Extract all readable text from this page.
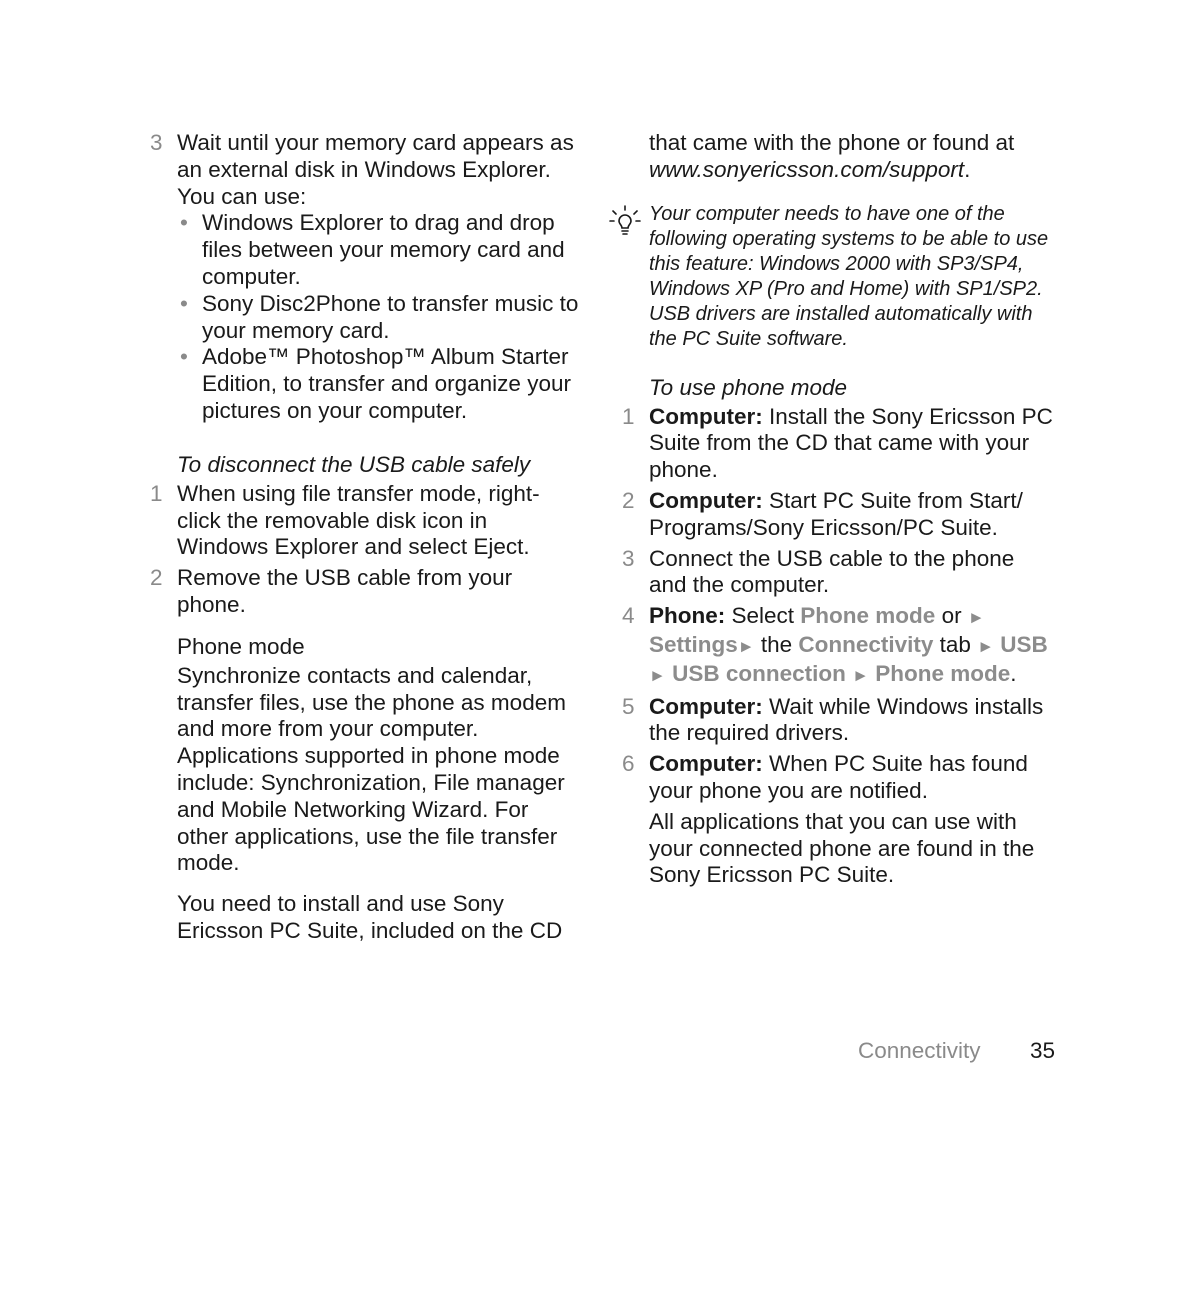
3 Wait until your memory card appears as an external disk in Windows Explorer. You can use:
• Windows Explorer to drag and drop files between your memory card and computer.
• Sony Disc2Phone to transfer music to your memory card.
• Adobe™ Photoshop™ Album Starter Edition, to transfer and organize your pictures on your computer.
To disconnect the USB cable safely
1 When using file transfer mode, right-click the removable disk icon in Windows Explorer and select Eject.
2 Remove the USB cable from your phone.
Phone mode
Synchronize contacts and calendar, transfer files, use the phone as modem and more from your computer. Applications supported in phone mode include: Synchronization, File manager and Mobile Networking Wizard. For other applications, use the file transfer mode.
You need to install and use Sony Ericsson PC Suite, included on the CD
that came with the phone or found at
www.sonyericsson.com/support.

Your computer needs to have one of the following operating systems to be able to use this feature: Windows 2000 with SP3/SP4, Windows XP (Pro and Home) with SP1/SP2.

USB drivers are installed automatically with the PC Suite software.

To use phone mode
1 Computer: Install the Sony Ericsson PC Suite from the CD that came with your phone.
2 Computer: Start PC Suite from Start/ Programs/Sony Ericsson/PC Suite.
3 Connect the USB cable to the phone and the computer.
4 Phone: Select Phone mode or ► Settings► the Connectivity tab ► USB ► USB connection ► Phone mode.
5 Computer: Wait while Windows installs the required drivers.
6 Computer: When PC Suite has found your phone you are notified.
All applications that you can use with your connected phone are found in the Sony Ericsson PC Suite.
Connectivity 35
